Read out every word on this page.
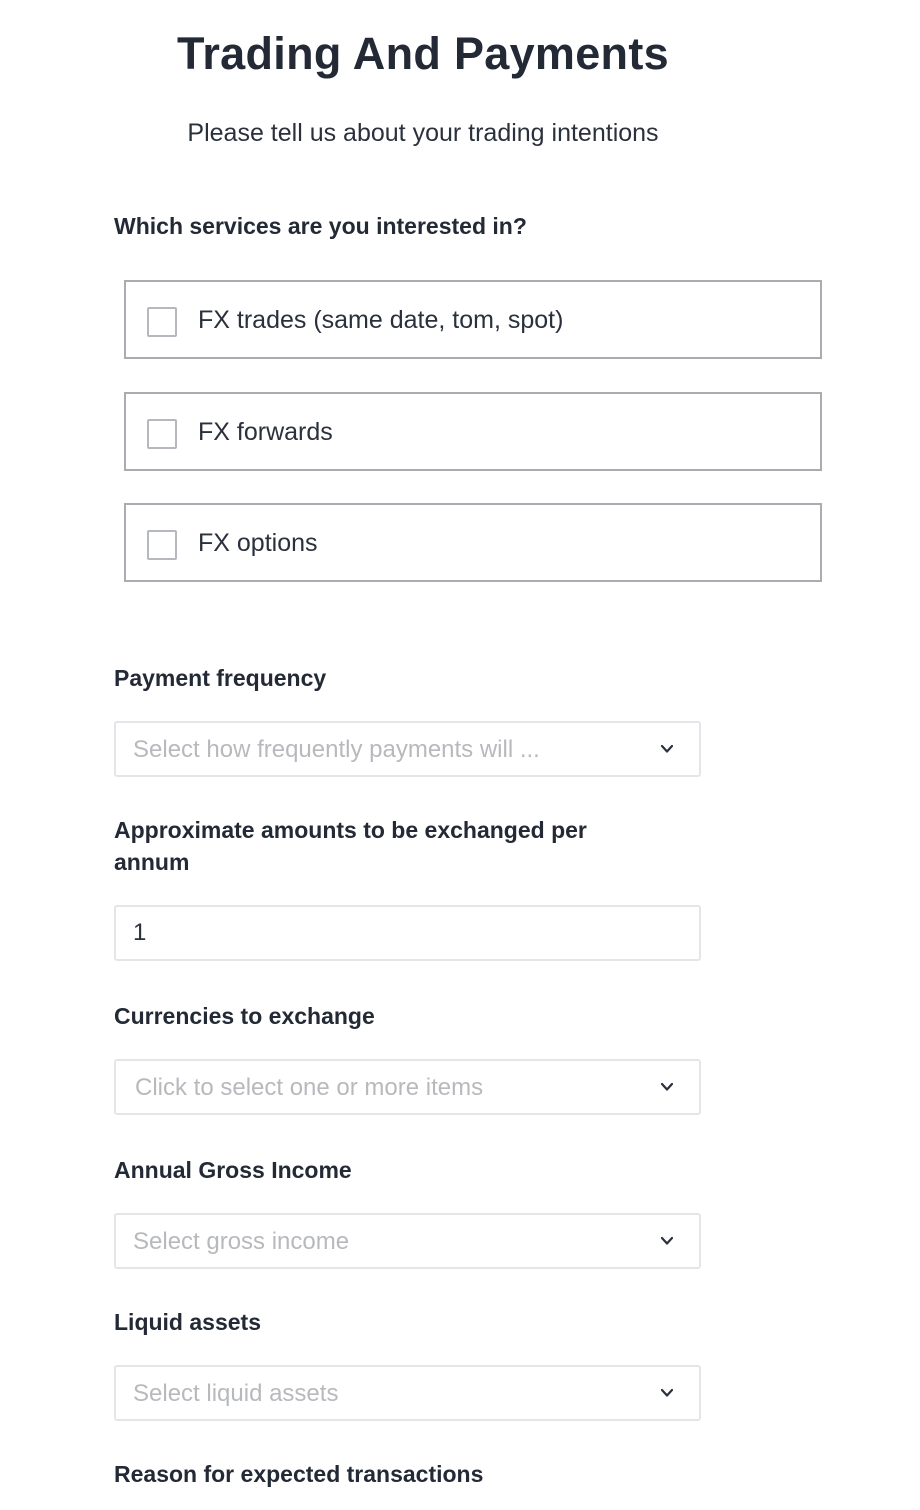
Trading And Payments
Please tell us about your trading intentions
Which services are you interested in?
FX trades (same date, tom, spot)
FX forwards
FX options
Payment frequency
Select how frequently payments will ...
Approximate amounts to be exchanged per
annum
1
Currencies to exchange
Click to select one or more items
Annual Gross Income
Select gross income
Liquid assets
Select liquid assets
Reason for expected transactions
